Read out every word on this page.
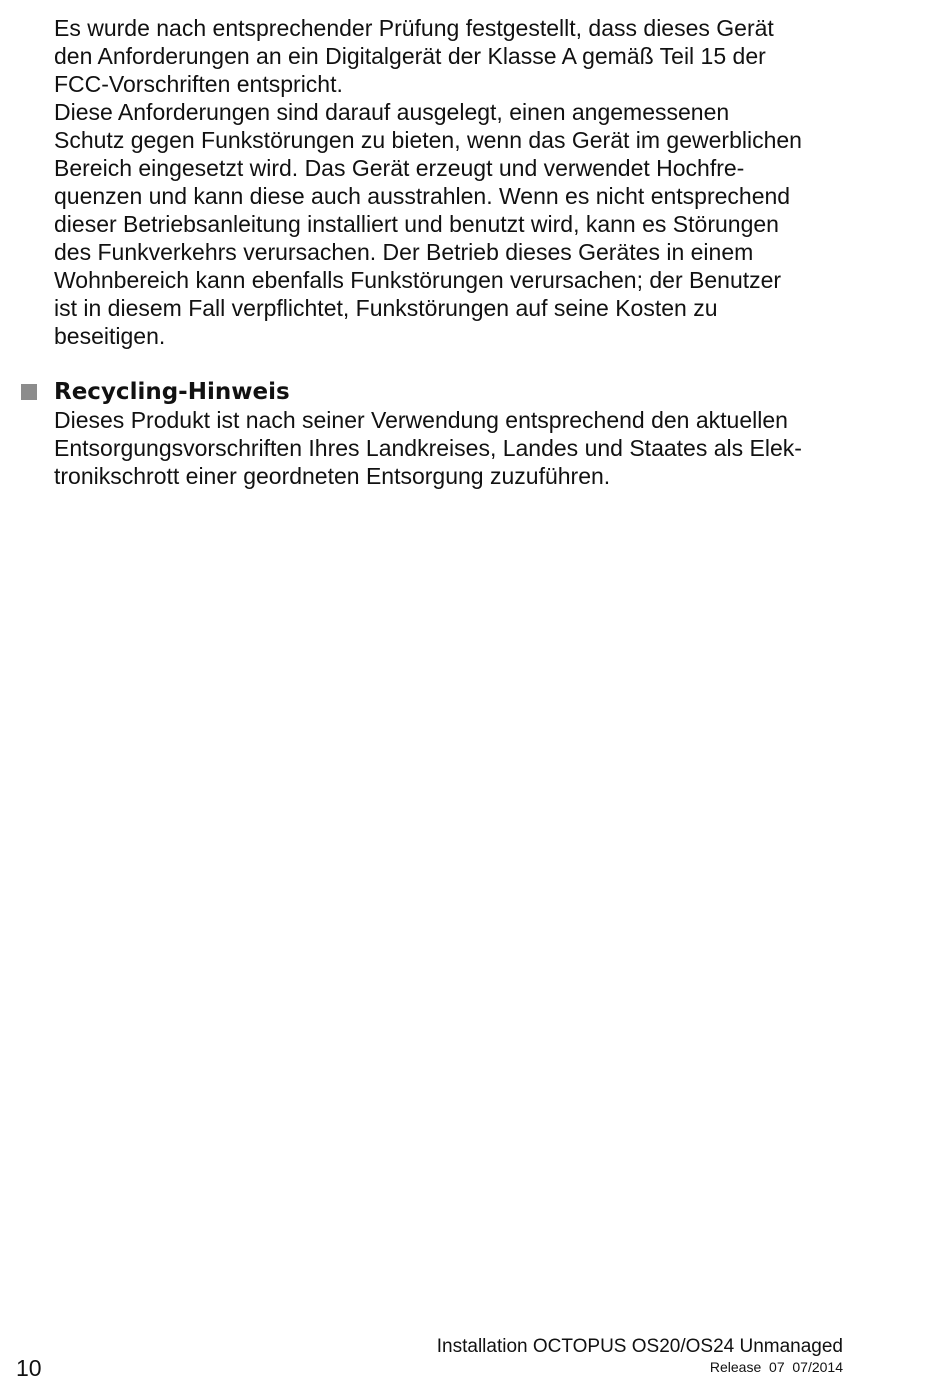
Es wurde nach entsprechender Prüfung festgestellt, dass dieses Gerät
den Anforderungen an ein Digitalgerät der Klasse A gemäß Teil 15 der
FCC-Vorschriften entspricht.
Diese Anforderungen sind darauf ausgelegt, einen angemessenen
Schutz gegen Funkstörungen zu bieten, wenn das Gerät im gewerblichen
Bereich eingesetzt wird. Das Gerät erzeugt und verwendet Hochfre-
quenzen und kann diese auch ausstrahlen. Wenn es nicht entsprechend
dieser Betriebsanleitung installiert und benutzt wird, kann es Störungen
des Funkverkehrs verursachen. Der Betrieb dieses Gerätes in einem
Wohnbereich kann ebenfalls Funkstörungen verursachen; der Benutzer
ist in diesem Fall verpflichtet, Funkstörungen auf seine Kosten zu
beseitigen.
Recycling-Hinweis
Dieses Produkt ist nach seiner Verwendung entsprechend den aktuellen
Entsorgungsvorschriften Ihres Landkreises, Landes und Staates als Elek-
tronikschrott einer geordneten Entsorgung zuzuführen.
10
Installation OCTOPUS OS20/OS24 Unmanaged
Release  07  07/2014
